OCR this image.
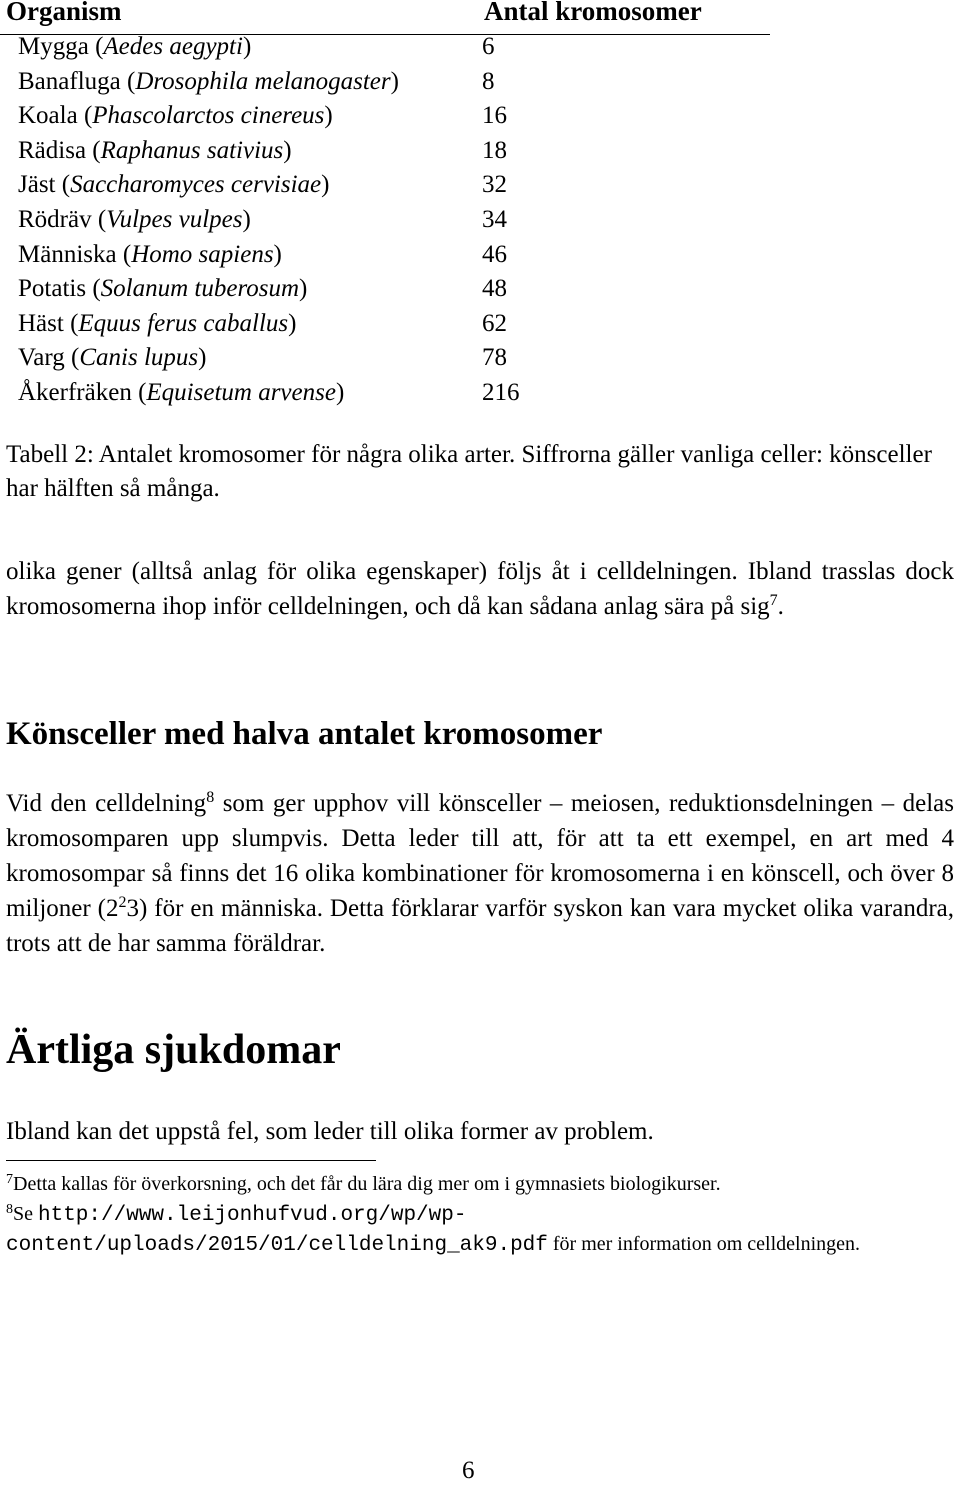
Organism	Antal kromosomer
Mygga (Aedes aegypti)	6
Banafluga (Drosophila melanogaster)	8
Koala (Phascolarctos cinereus)	16
Rädisa (Raphanus sativius)	18
Jäst (Saccharomyces cervisiae)	32
Rödräv (Vulpes vulpes)	34
Människa (Homo sapiens)	46
Potatis (Solanum tuberosum)	48
Häst (Equus ferus caballus)	62
Varg (Canis lupus)	78
Åkerfräken (Equisetum arvense)	216
Tabell 2: Antalet kromosomer för några olika arter. Siffrorna gäller vanliga celler: könsceller har hälften så många.
olika gener (alltså anlag för olika egenskaper) följs åt i celldelningen. Ibland trasslas dock kromosomerna ihop inför celldelningen, och då kan sådana anlag sära på sig$^7$.
Könsceller med halva antalet kromosomer
Vid den celldelning$^8$ som ger upphov vill könsceller – meiosen, reduktionsdelningen – delas kromosomparen upp slumpvis. Detta leder till att, för att ta ett exempel, en art med 4 kromosompar så finns det 16 olika kombinationer för kromosomerna i en könscell, och över 8 miljoner $(2^23)$ för en människa. Detta förklarar varför syskon kan vara mycket olika varandra, trots att de har samma föräldrar.
Ärtliga sjukdomar
Ibland kan det uppstå fel, som leder till olika former av problem.
$^7$Detta kallas för överkorsning, och det får du lära dig mer om i gymnasiets biologikurser.
$^8$Se http://www.leijonhufvud.org/wp/wp-content/uploads/2015/01/celldelning_ak9.pdf för mer information om celldelningen.
6
